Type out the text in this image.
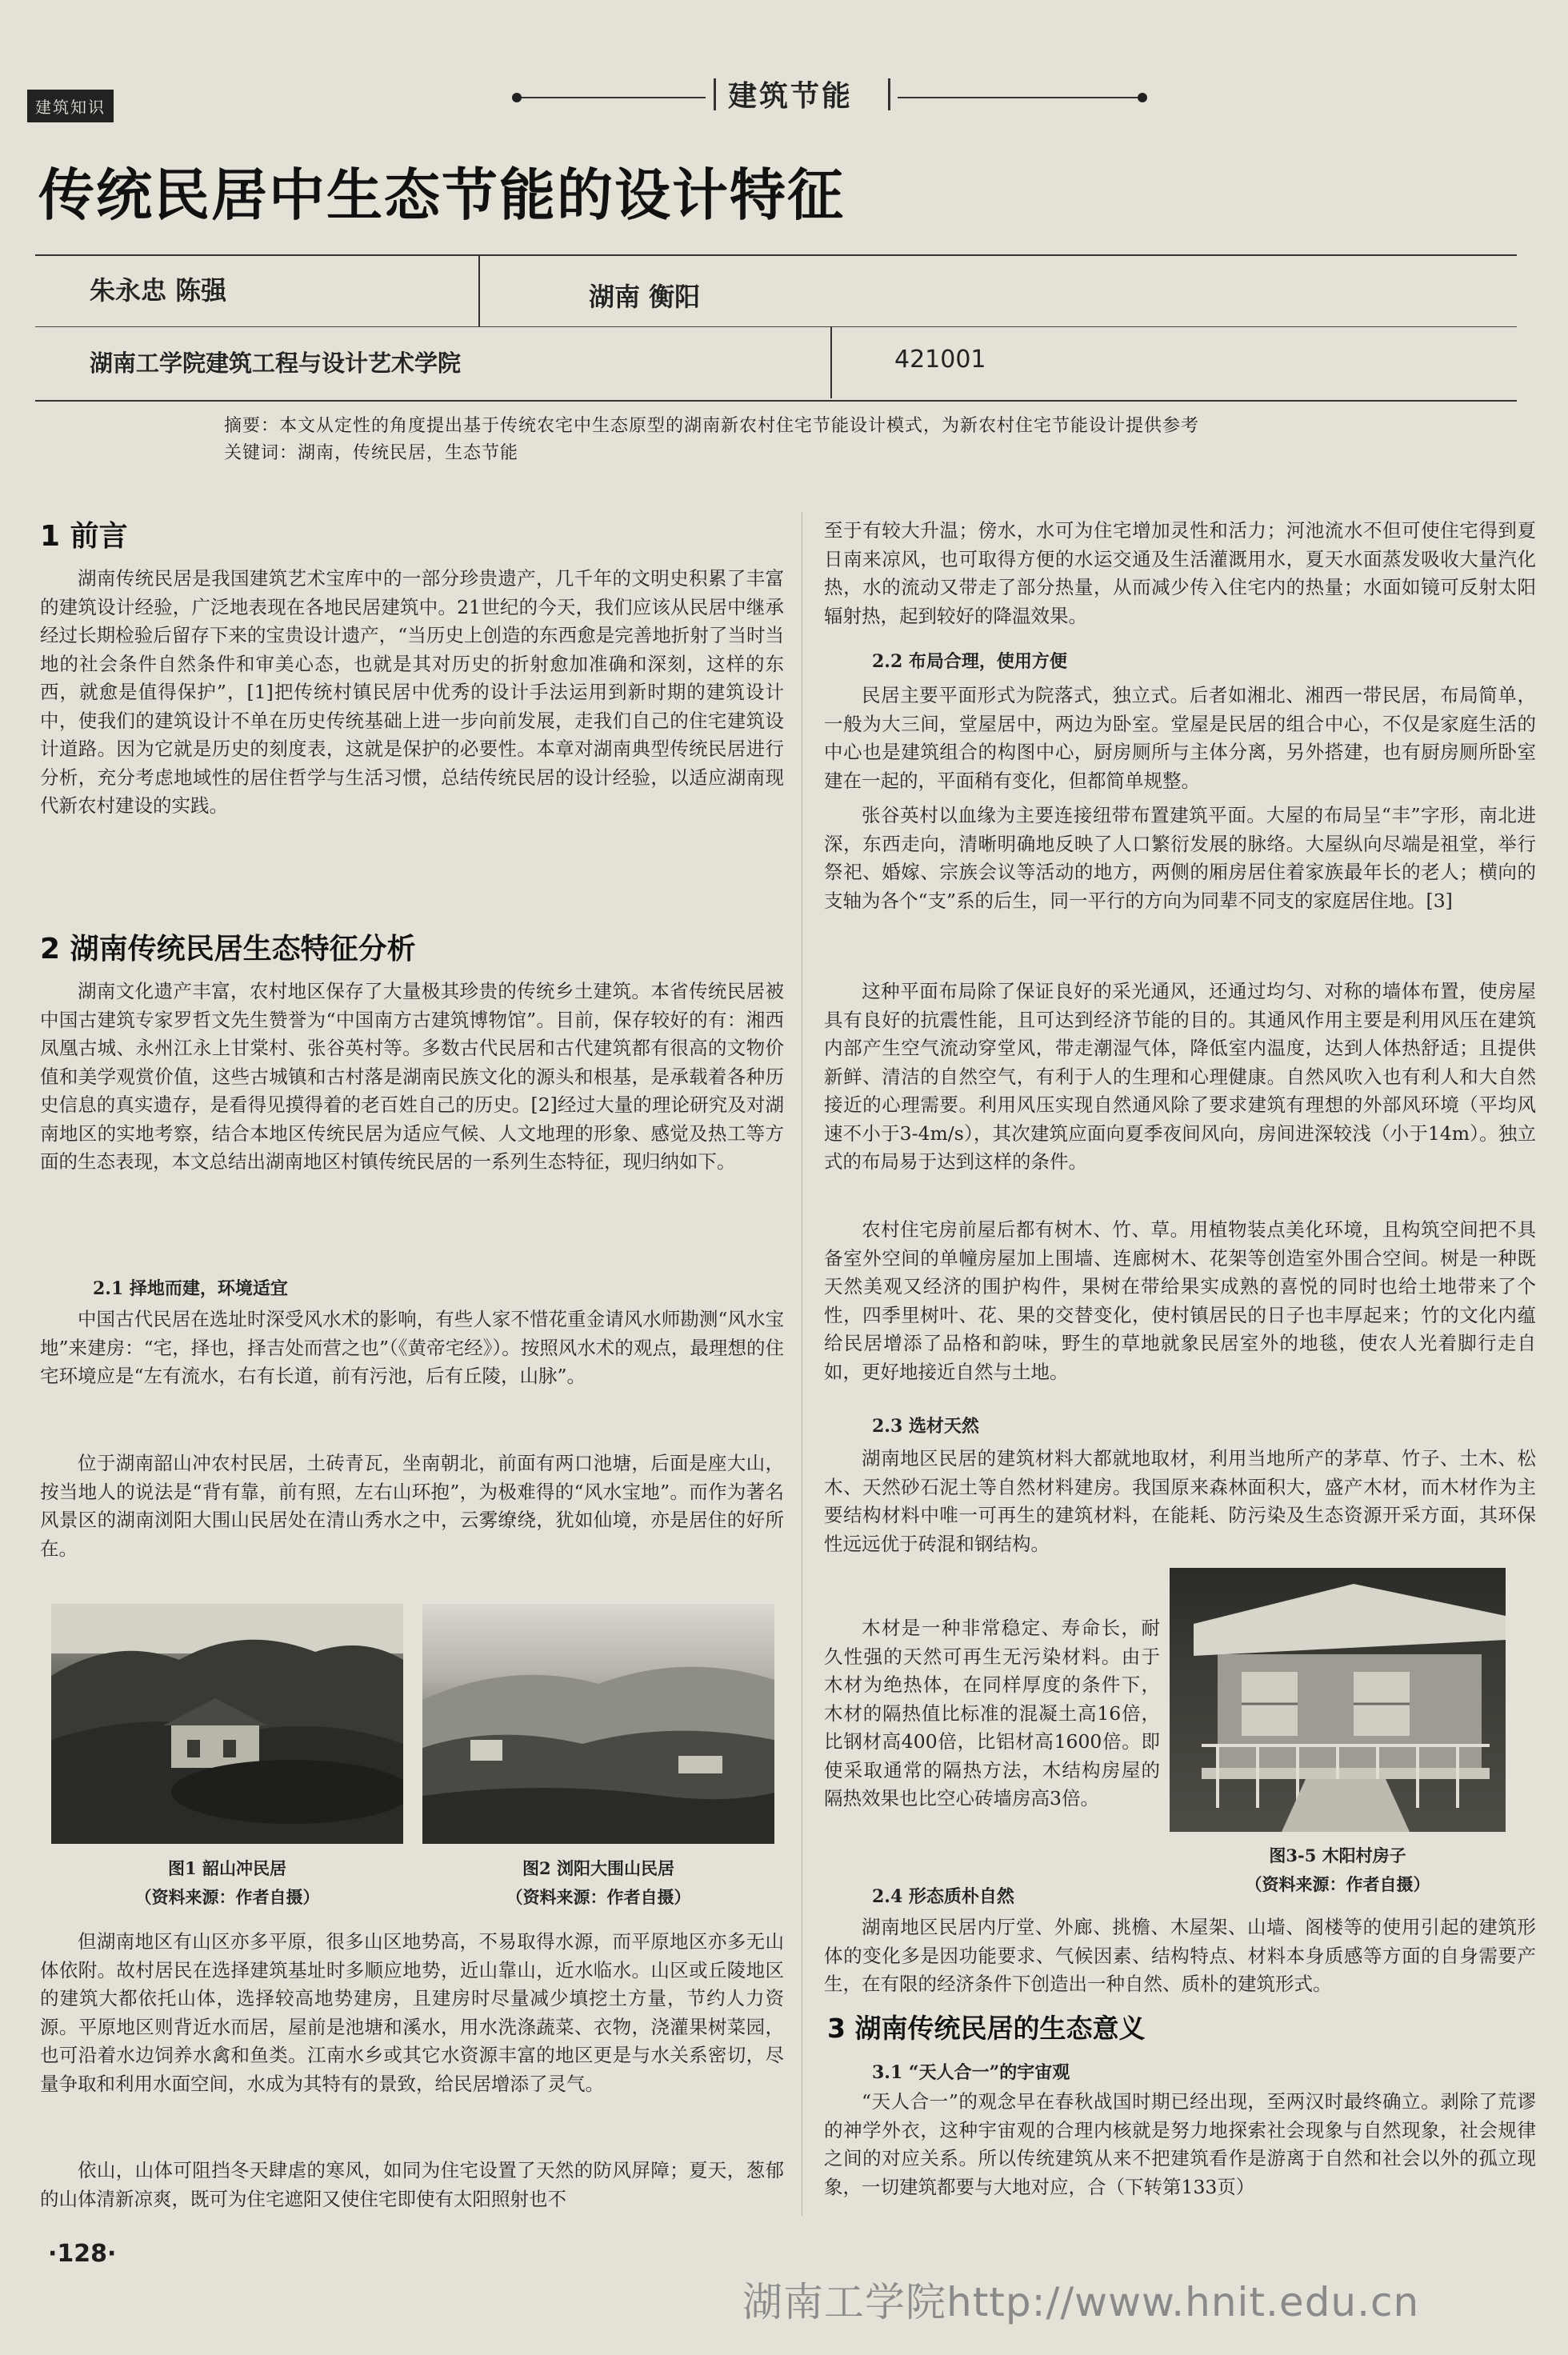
建筑知识	建筑节能
传统民居中生态节能的设计特征
朱永忠 陈强	湖南 衡阳
湖南工学院建筑工程与设计艺术学院	421001
摘要：本文从定性的角度提出基于传统农宅中生态原型的湖南新农村住宅节能设计模式，为新农村住宅节能设计提供参考
关键词：湖南，传统民居，生态节能
1 前言
湖南传统民居是我国建筑艺术宝库中的一部分珍贵遗产，几千年的文明史积累了丰富的建筑设计经验，广泛地表现在各地民居建筑中。21世纪的今天，我们应该从民居中继承经过长期检验后留存下来的宝贵设计遗产，“当历史上创造的东西愈是完善地折射了当时当地的社会条件自然条件和审美心态，也就是其对历史的折射愈加准确和深刻，这样的东西，就愈是值得保护”，[1]把传统村镇民居中优秀的设计手法运用到新时期的建筑设计中，使我们的建筑设计不单在历史传统基础上进一步向前发展，走我们自己的住宅建筑设计道路。因为它就是历史的刻度表，这就是保护的必要性。本章对湖南典型传统民居进行分析，充分考虑地域性的居住哲学与生活习惯，总结传统民居的设计经验，以适应湖南现代新农村建设的实践。
2 湖南传统民居生态特征分析
湖南文化遗产丰富，农村地区保存了大量极其珍贵的传统乡土建筑。本省传统民居被中国古建筑专家罗哲文先生赞誉为“中国南方古建筑博物馆”。目前，保存较好的有：湘西凤凰古城、永州江永上甘棠村、张谷英村等。多数古代民居和古代建筑都有很高的文物价值和美学观赏价值，这些古城镇和古村落是湖南民族文化的源头和根基，是承载着各种历史信息的真实遗存，是看得见摸得着的老百姓自己的历史。[2]经过大量的理论研究及对湖南地区的实地考察，结合本地区传统民居为适应气候、人文地理的形象、感觉及热工等方面的生态表现，本文总结出湖南地区村镇传统民居的一系列生态特征，现归纳如下。
2.1 择地而建，环境适宜
中国古代民居在选址时深受风水术的影响，有些人家不惜花重金请风水师勘测“风水宝地”来建房：“宅，择也，择吉处而营之也”（《黄帝宅经》）。按照风水术的观点，最理想的住宅环境应是“左有流水，右有长道，前有污池，后有丘陵，山脉”。
位于湖南韶山冲农村民居，土砖青瓦，坐南朝北，前面有两口池塘，后面是座大山，按当地人的说法是“背有靠，前有照，左右山环抱”，为极难得的“风水宝地”。而作为著名风景区的湖南浏阳大围山民居处在清山秀水之中，云雾缭绕，犹如仙境，亦是居住的好所在。
图1 韶山冲民居
（资料来源：作者自摄）
图2 浏阳大围山民居
（资料来源：作者自摄）
但湖南地区有山区亦多平原，很多山区地势高，不易取得水源，而平原地区亦多无山体依附。故村居民在选择建筑基址时多顺应地势，近山靠山，近水临水。山区或丘陵地区的建筑大都依托山体，选择较高地势建房，且建房时尽量减少填挖土方量，节约人力资源。平原地区则背近水而居，屋前是池塘和溪水，用水洗涤蔬菜、衣物，浇灌果树菜园，也可沿着水边饲养水禽和鱼类。江南水乡或其它水资源丰富的地区更是与水关系密切，尽量争取和利用水面空间，水成为其特有的景致，给民居增添了灵气。
依山，山体可阻挡冬天肆虐的寒风，如同为住宅设置了天然的防风屏障；夏天，葱郁的山体清新凉爽，既可为住宅遮阳又使住宅即使有太阳照射也不
至于有较大升温；傍水，水可为住宅增加灵性和活力；河池流水不但可使住宅得到夏日南来凉风，也可取得方便的水运交通及生活灌溉用水，夏天水面蒸发吸收大量汽化热，水的流动又带走了部分热量，从而减少传入住宅内的热量；水面如镜可反射太阳辐射热，起到较好的降温效果。
2.2 布局合理，使用方便
民居主要平面形式为院落式，独立式。后者如湘北、湘西一带民居，布局简单，一般为大三间，堂屋居中，两边为卧室。堂屋是民居的组合中心，不仅是家庭生活的中心也是建筑组合的构图中心，厨房厕所与主体分离，另外搭建，也有厨房厕所卧室建在一起的，平面稍有变化，但都简单规整。
张谷英村以血缘为主要连接纽带布置建筑平面。大屋的布局呈“丰”字形，南北进深，东西走向，清晰明确地反映了人口繁衍发展的脉络。大屋纵向尽端是祖堂，举行祭祀、婚嫁、宗族会议等活动的地方，两侧的厢房居住着家族最年长的老人；横向的支轴为各个“支”系的后生，同一平行的方向为同辈不同支的家庭居住地。[3]
这种平面布局除了保证良好的采光通风，还通过均匀、对称的墙体布置，使房屋具有良好的抗震性能，且可达到经济节能的目的。其通风作用主要是利用风压在建筑内部产生空气流动穿堂风，带走潮湿气体，降低室内温度，达到人体热舒适；且提供新鲜、清洁的自然空气，有利于人的生理和心理健康。自然风吹入也有利人和大自然接近的心理需要。利用风压实现自然通风除了要求建筑有理想的外部风环境（平均风速不小于3-4m/s），其次建筑应面向夏季夜间风向，房间进深较浅（小于14m）。独立式的布局易于达到这样的条件。
农村住宅房前屋后都有树木、竹、草。用植物装点美化环境，且构筑空间把不具备室外空间的单幢房屋加上围墙、连廊树木、花架等创造室外围合空间。树是一种既天然美观又经济的围护构件，果树在带给果实成熟的喜悦的同时也给土地带来了个性，四季里树叶、花、果的交替变化，使村镇居民的日子也丰厚起来；竹的文化内蕴给民居增添了品格和韵味，野生的草地就象民居室外的地毯，使农人光着脚行走自如，更好地接近自然与土地。
2.3 选材天然
湖南地区民居的建筑材料大都就地取材，利用当地所产的茅草、竹子、土木、松木、天然砂石泥土等自然材料建房。我国原来森林面积大，盛产木材，而木材作为主要结构材料中唯一可再生的建筑材料，在能耗、防污染及生态资源开采方面，其环保性远远优于砖混和钢结构。
木材是一种非常稳定、寿命长，耐久性强的天然可再生无污染材料。由于木材为绝热体，在同样厚度的条件下，木材的隔热值比标准的混凝土高16倍，比钢材高400倍，比铝材高1600倍。即使采取通常的隔热方法，木结构房屋的隔热效果也比空心砖墙房高3倍。
图3-5 木阳村房子
（资料来源：作者自摄）
2.4 形态质朴自然
湖南地区民居内厅堂、外廊、挑檐、木屋架、山墙、阁楼等的使用引起的建筑形体的变化多是因功能要求、气候因素、结构特点、材料本身质感等方面的自身需要产生，在有限的经济条件下创造出一种自然、质朴的建筑形式。
3 湖南传统民居的生态意义
3.1 “天人合一”的宇宙观
“天人合一”的观念早在春秋战国时期已经出现，至两汉时最终确立。剥除了荒谬的神学外衣，这种宇宙观的合理内核就是努力地探索社会现象与自然现象，社会规律之间的对应关系。所以传统建筑从来不把建筑看作是游离于自然和社会以外的孤立现象，一切建筑都要与大地对应，合（下转第133页）
·128·
湖南工学院http://www.hnit.edu.cn
